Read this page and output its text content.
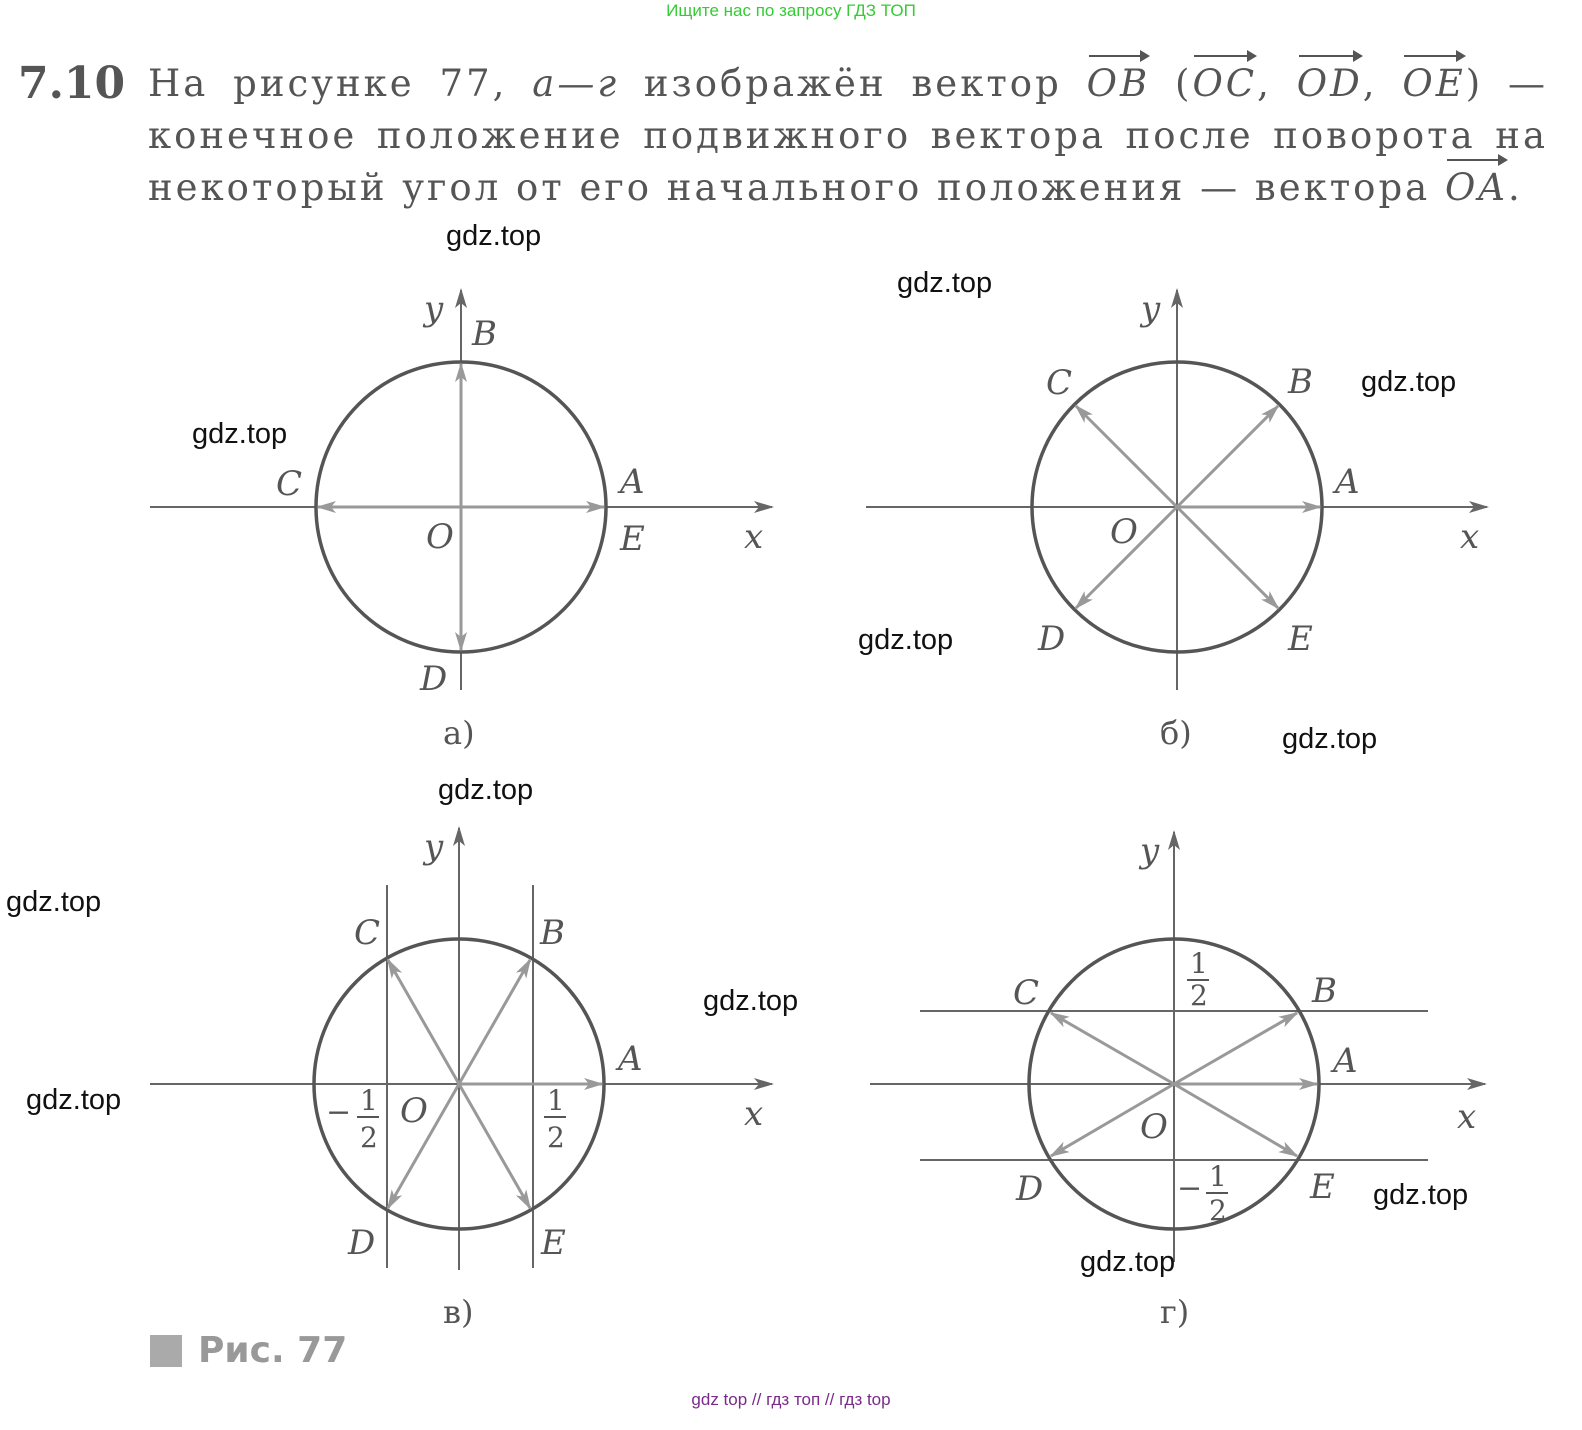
Ищите нас по запросу ГДЗ ТОП
7.10 На рисунке 77, а—г изображён вектор OB (OC, OD, OE) — конечное положение подвижного вектора после поворота на некоторый угол от его начального положения — вектора OA.
y
B
C	A
O	E	x
D
а)
y
C	B
A
O	x
D	E
б)
y
C	B
A
x
O
− 1
2
1
2
D	E
в)
y
1
2
C	B
A
x
O
D	− 1
2
E
г)
gdz.top
gdz.top
gdz.top
gdz.top
gdz.top
gdz.top
gdz.top
gdz.top
gdz.top
gdz.top
gdz.top
gdz.top
Рис. 77
gdz top // гдз топ // гдз top
